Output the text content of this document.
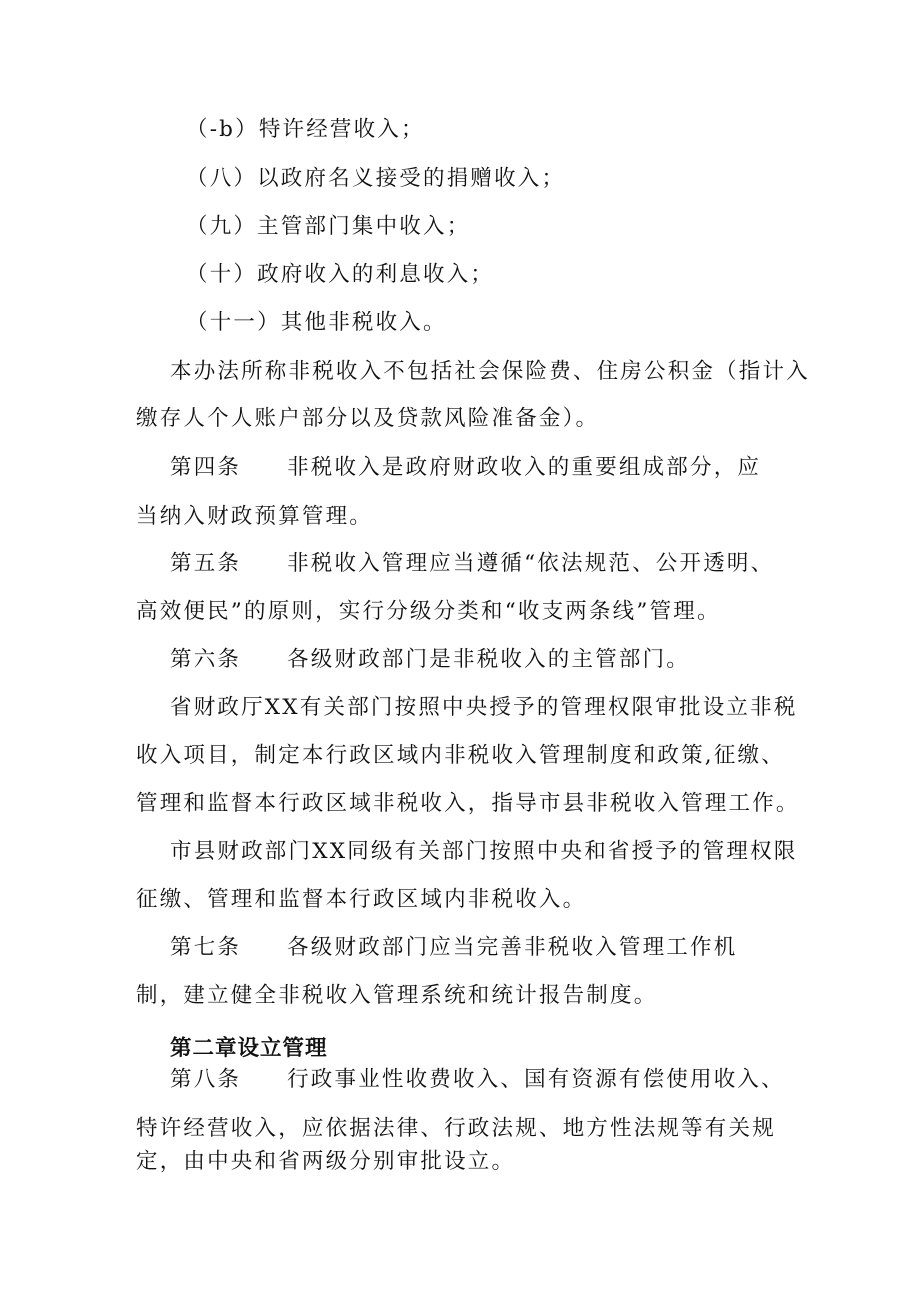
（-b）特许经营收入；
（八）以政府名义接受的捐赠收入；
（九）主管部门集中收入；
（十）政府收入的利息收入；
（十一）其他非税收入。
本办法所称非税收入不包括社会保险费、住房公积金（指计入
缴存人个人账户部分以及贷款风险准备金）。
第四条 非税收入是政府财政收入的重要组成部分，应
当纳入财政预算管理。
第五条 非税收入管理应当遵循“依法规范、公开透明、
高效便民”的原则，实行分级分类和“收支两条线”管理。
第六条 各级财政部门是非税收入的主管部门。
省财政厅XX有关部门按照中央授予的管理权限审批设立非税
收入项目，制定本行政区域内非税收入管理制度和政策,征缴、
管理和监督本行政区域非税收入，指导市县非税收入管理工作。
市县财政部门XX同级有关部门按照中央和省授予的管理权限
征缴、管理和监督本行政区域内非税收入。
第七条 各级财政部门应当完善非税收入管理工作机
制，建立健全非税收入管理系统和统计报告制度。
第二章设立管理
第八条 行政事业性收费收入、国有资源有偿使用收入、
特许经营收入，应依据法律、行政法规、地方性法规等有关规
定，由中央和省两级分别审批设立。
